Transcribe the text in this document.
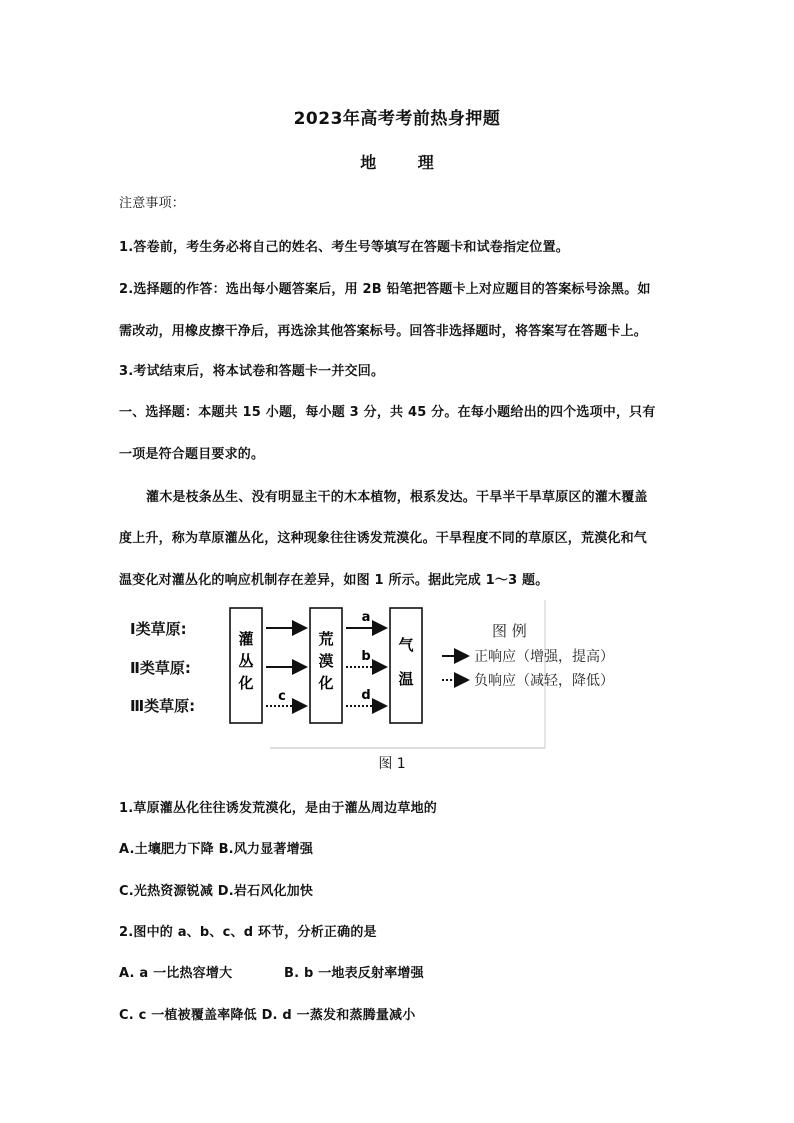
2023年高考考前热身押题
地 理
注意事项：
1.答卷前，考生务必将自己的姓名、考生号等填写在答题卡和试卷指定位置。
2.选择题的作答：选出每小题答案后，用 2B 铅笔把答题卡上对应题目的答案标号涂黑。如
需改动，用橡皮擦干净后，再选涂其他答案标号。回答非选择题时，将答案写在答题卡上。
3.考试结束后，将本试卷和答题卡一并交回。
一、选择题：本题共 15 小题，每小题 3 分，共 45 分。在每小题给出的四个选项中，只有
一项是符合题目要求的。
灌木是枝条丛生、没有明显主干的木本植物，根系发达。干旱半干旱草原区的灌木覆盖
度上升，称为草原灌丛化，这种现象往往诱发荒漠化。干旱程度不同的草原区，荒漠化和气
温变化对灌丛化的响应机制存在差异，如图 1 所示。据此完成 1～3 题。
Ⅰ类草原:
Ⅱ类草原:
Ⅲ类草原:
灌
丛
化
荒
漠
化
气
温
c
a
b
d
图 例
正响应（增强，提高）
负响应（减轻，降低）
图 1
1.草原灌丛化往往诱发荒漠化，是由于灌丛周边草地的
A.土壤肥力下降 B.风力显著增强
C.光热资源锐减 D.岩石风化加快
2.图中的 a、b、c、d 环节，分析正确的是
A. a 一比热容增大	B. b 一地表反射率增强
C. c 一植被覆盖率降低 D. d 一蒸发和蒸腾量减小
